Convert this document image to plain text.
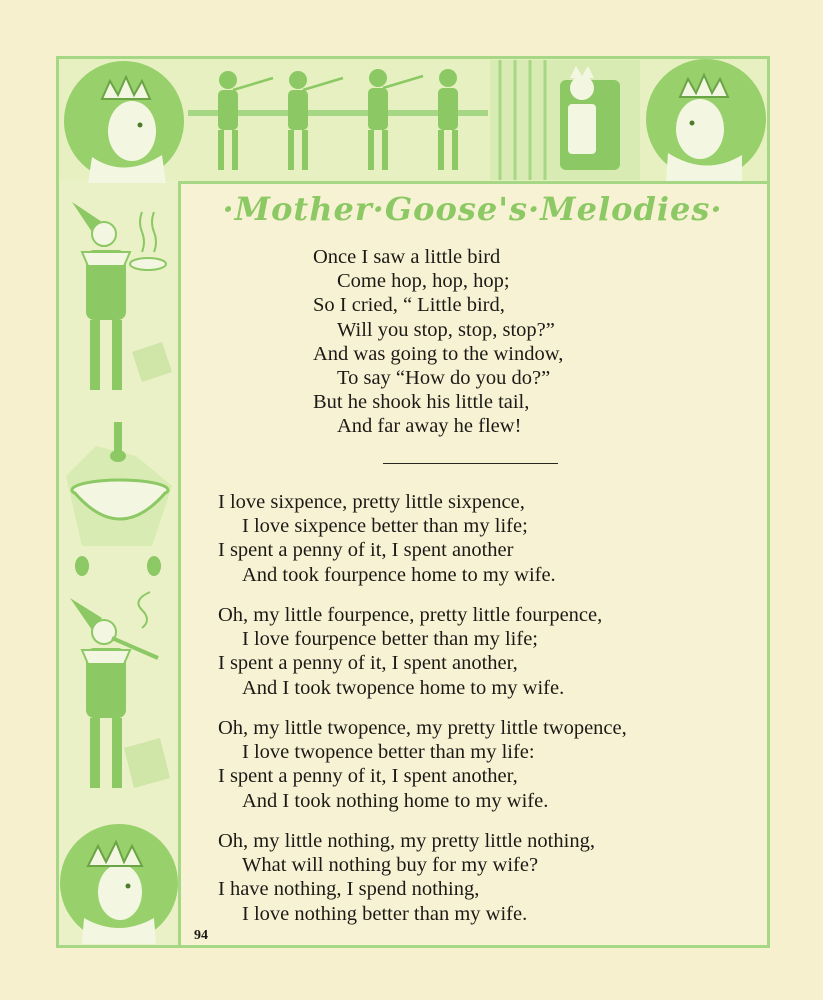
·Mother·Goose's·Melodies·
Once I saw a little bird
Come hop, hop, hop;
So I cried, “ Little bird,
Will you stop, stop, stop?”
And was going to the window,
To say “How do you do?”
But he shook his little tail,
And far away he flew!
I love sixpence, pretty little sixpence,
I love sixpence better than my life;
I spent a penny of it, I spent another
And took fourpence home to my wife.
Oh, my little fourpence, pretty little fourpence,
I love fourpence better than my life;
I spent a penny of it, I spent another,
And I took twopence home to my wife.
Oh, my little twopence, my pretty little twopence,
I love twopence better than my life:
I spent a penny of it, I spent another,
And I took nothing home to my wife.
Oh, my little nothing, my pretty little nothing,
What will nothing buy for my wife?
I have nothing, I spend nothing,
I love nothing better than my wife.
94
